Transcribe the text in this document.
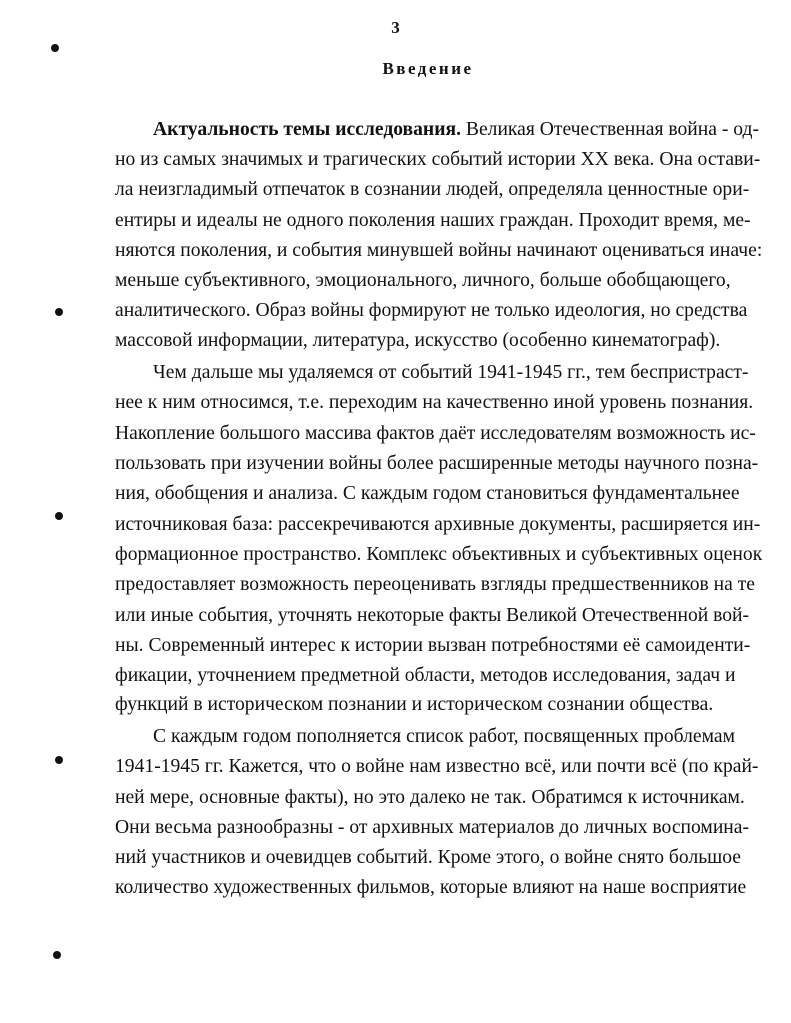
3
Введение
Актуальность темы исследования. Великая Отечественная война - од-
но из самых значимых и трагических событий истории XX века. Она остави-
ла неизгладимый отпечаток в сознании людей, определяла ценностные ори-
ентиры и идеалы не одного поколения наших граждан. Проходит время, ме-
няются поколения, и события минувшей войны начинают оцениваться иначе:
меньше субъективного, эмоционального, личного, больше обобщающего,
аналитического. Образ войны формируют не только идеология, но средства
массовой информации, литература, искусство (особенно кинематограф).
Чем дальше мы удаляемся от событий 1941-1945 гг., тем беспристраст-
нее к ним относимся, т.е. переходим на качественно иной уровень познания.
Накопление большого массива фактов даёт исследователям возможность ис-
пользовать при изучении войны более расширенные методы научного позна-
ния, обобщения и анализа. С каждым годом становиться фундаментальнее
источниковая база: рассекречиваются архивные документы, расширяется ин-
формационное пространство. Комплекс объективных и субъективных оценок
предоставляет возможность переоценивать взгляды предшественников на те
или иные события, уточнять некоторые факты Великой Отечественной вой-
ны. Современный интерес к истории вызван потребностями её самоиденти-
фикации, уточнением предметной области, методов исследования, задач и
функций в историческом познании и историческом сознании общества.
С каждым годом пополняется список работ, посвященных проблемам
1941-1945 гг. Кажется, что о войне нам известно всё, или почти всё (по край-
ней мере, основные факты), но это далеко не так. Обратимся к источникам.
Они весьма разнообразны - от архивных материалов до личных воспомина-
ний участников и очевидцев событий. Кроме этого, о войне снято большое
количество художественных фильмов, которые влияют на наше восприятие
